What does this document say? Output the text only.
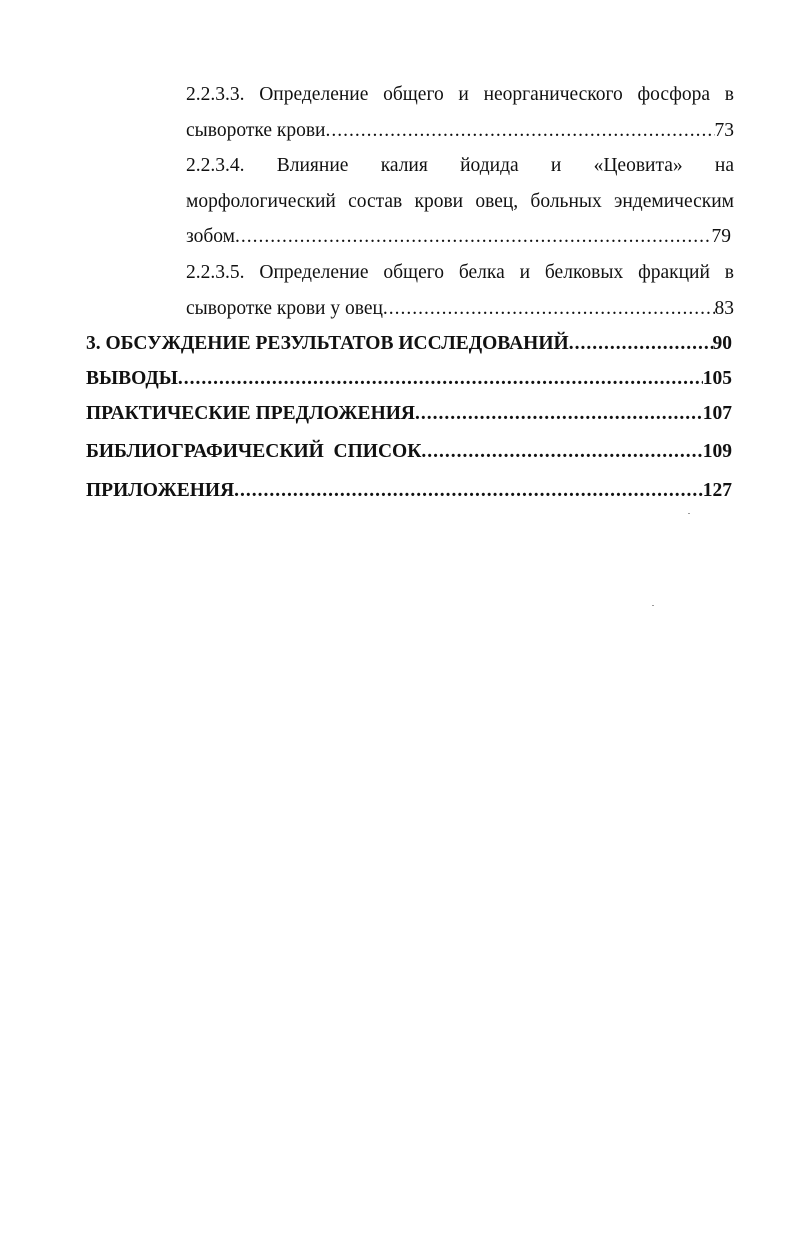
2.2.3.3. Определение общего и неорганического фосфора в
сыворотке крови .....	73
2.2.3.4. Влияние калия йодида и «Цеовита» на
морфологический состав крови овец, больных эндемическим
зобом .....	79
2.2.3.5. Определение общего белка и белковых фракций в
сыворотке крови у овец .....	83
3. ОБСУЖДЕНИЕ РЕЗУЛЬТАТОВ ИССЛЕДОВАНИЙ .....	90
ВЫВОДЫ .....	105
ПРАКТИЧЕСКИЕ ПРЕДЛОЖЕНИЯ .....	107
БИБЛИОГРАФИЧЕСКИЙ  СПИСОК .....	109
ПРИЛОЖЕНИЯ .....	127
